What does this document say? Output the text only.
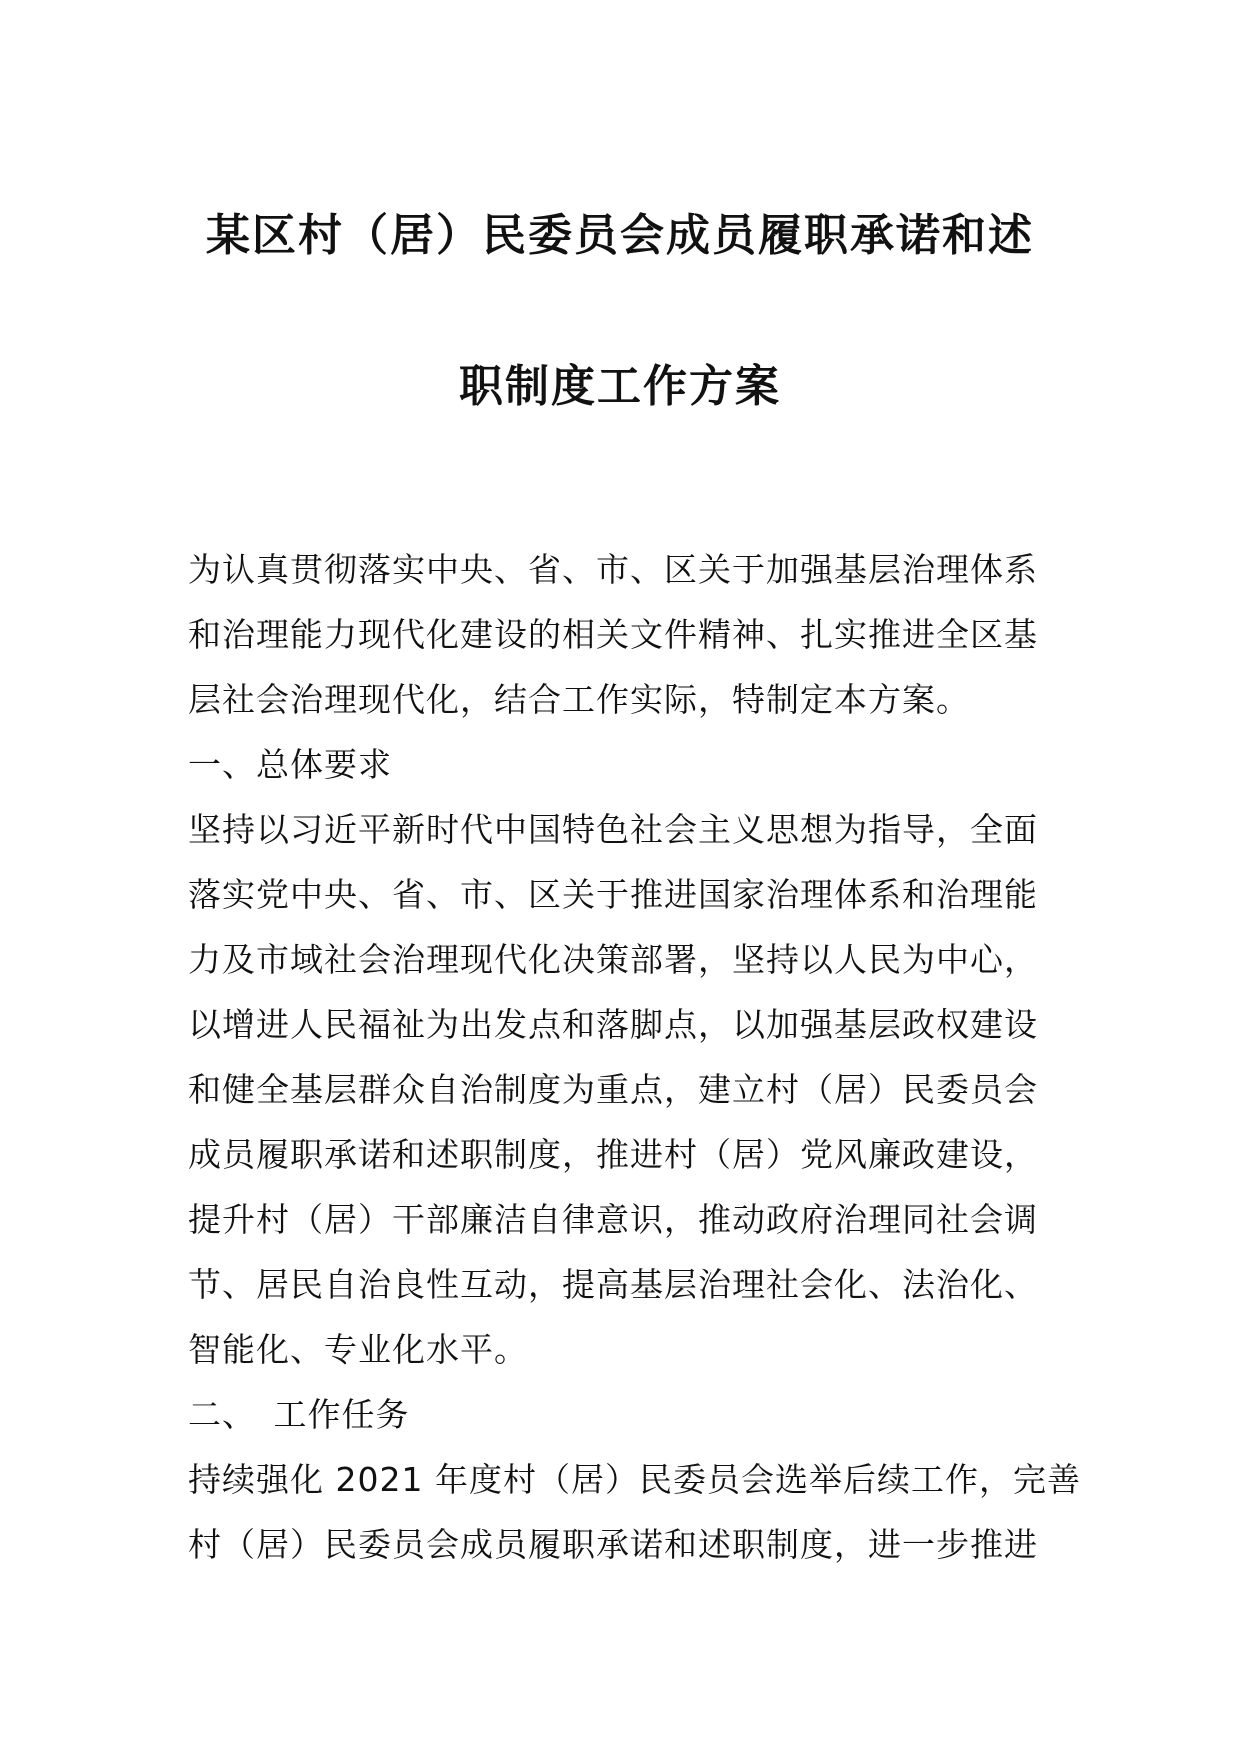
某区村（居）民委员会成员履职承诺和述
职制度工作方案
为认真贯彻落实中央、省、市、区关于加强基层治理体系
和治理能力现代化建设的相关文件精神、扎实推进全区基
层社会治理现代化，结合工作实际，特制定本方案。
一、总体要求
坚持以习近平新时代中国特色社会主义思想为指导，全面
落实党中央、省、市、区关于推进国家治理体系和治理能
力及市域社会治理现代化决策部署，坚持以人民为中心，
以增进人民福祉为出发点和落脚点，以加强基层政权建设
和健全基层群众自治制度为重点，建立村（居）民委员会
成员履职承诺和述职制度，推进村（居）党风廉政建设，
提升村（居）干部廉洁自律意识，推动政府治理同社会调
节、居民自治良性互动，提高基层治理社会化、法治化、
智能化、专业化水平。
二、　工作任务
持续强化 2021 年度村（居）民委员会选举后续工作，完善
村（居）民委员会成员履职承诺和述职制度，进一步推进
